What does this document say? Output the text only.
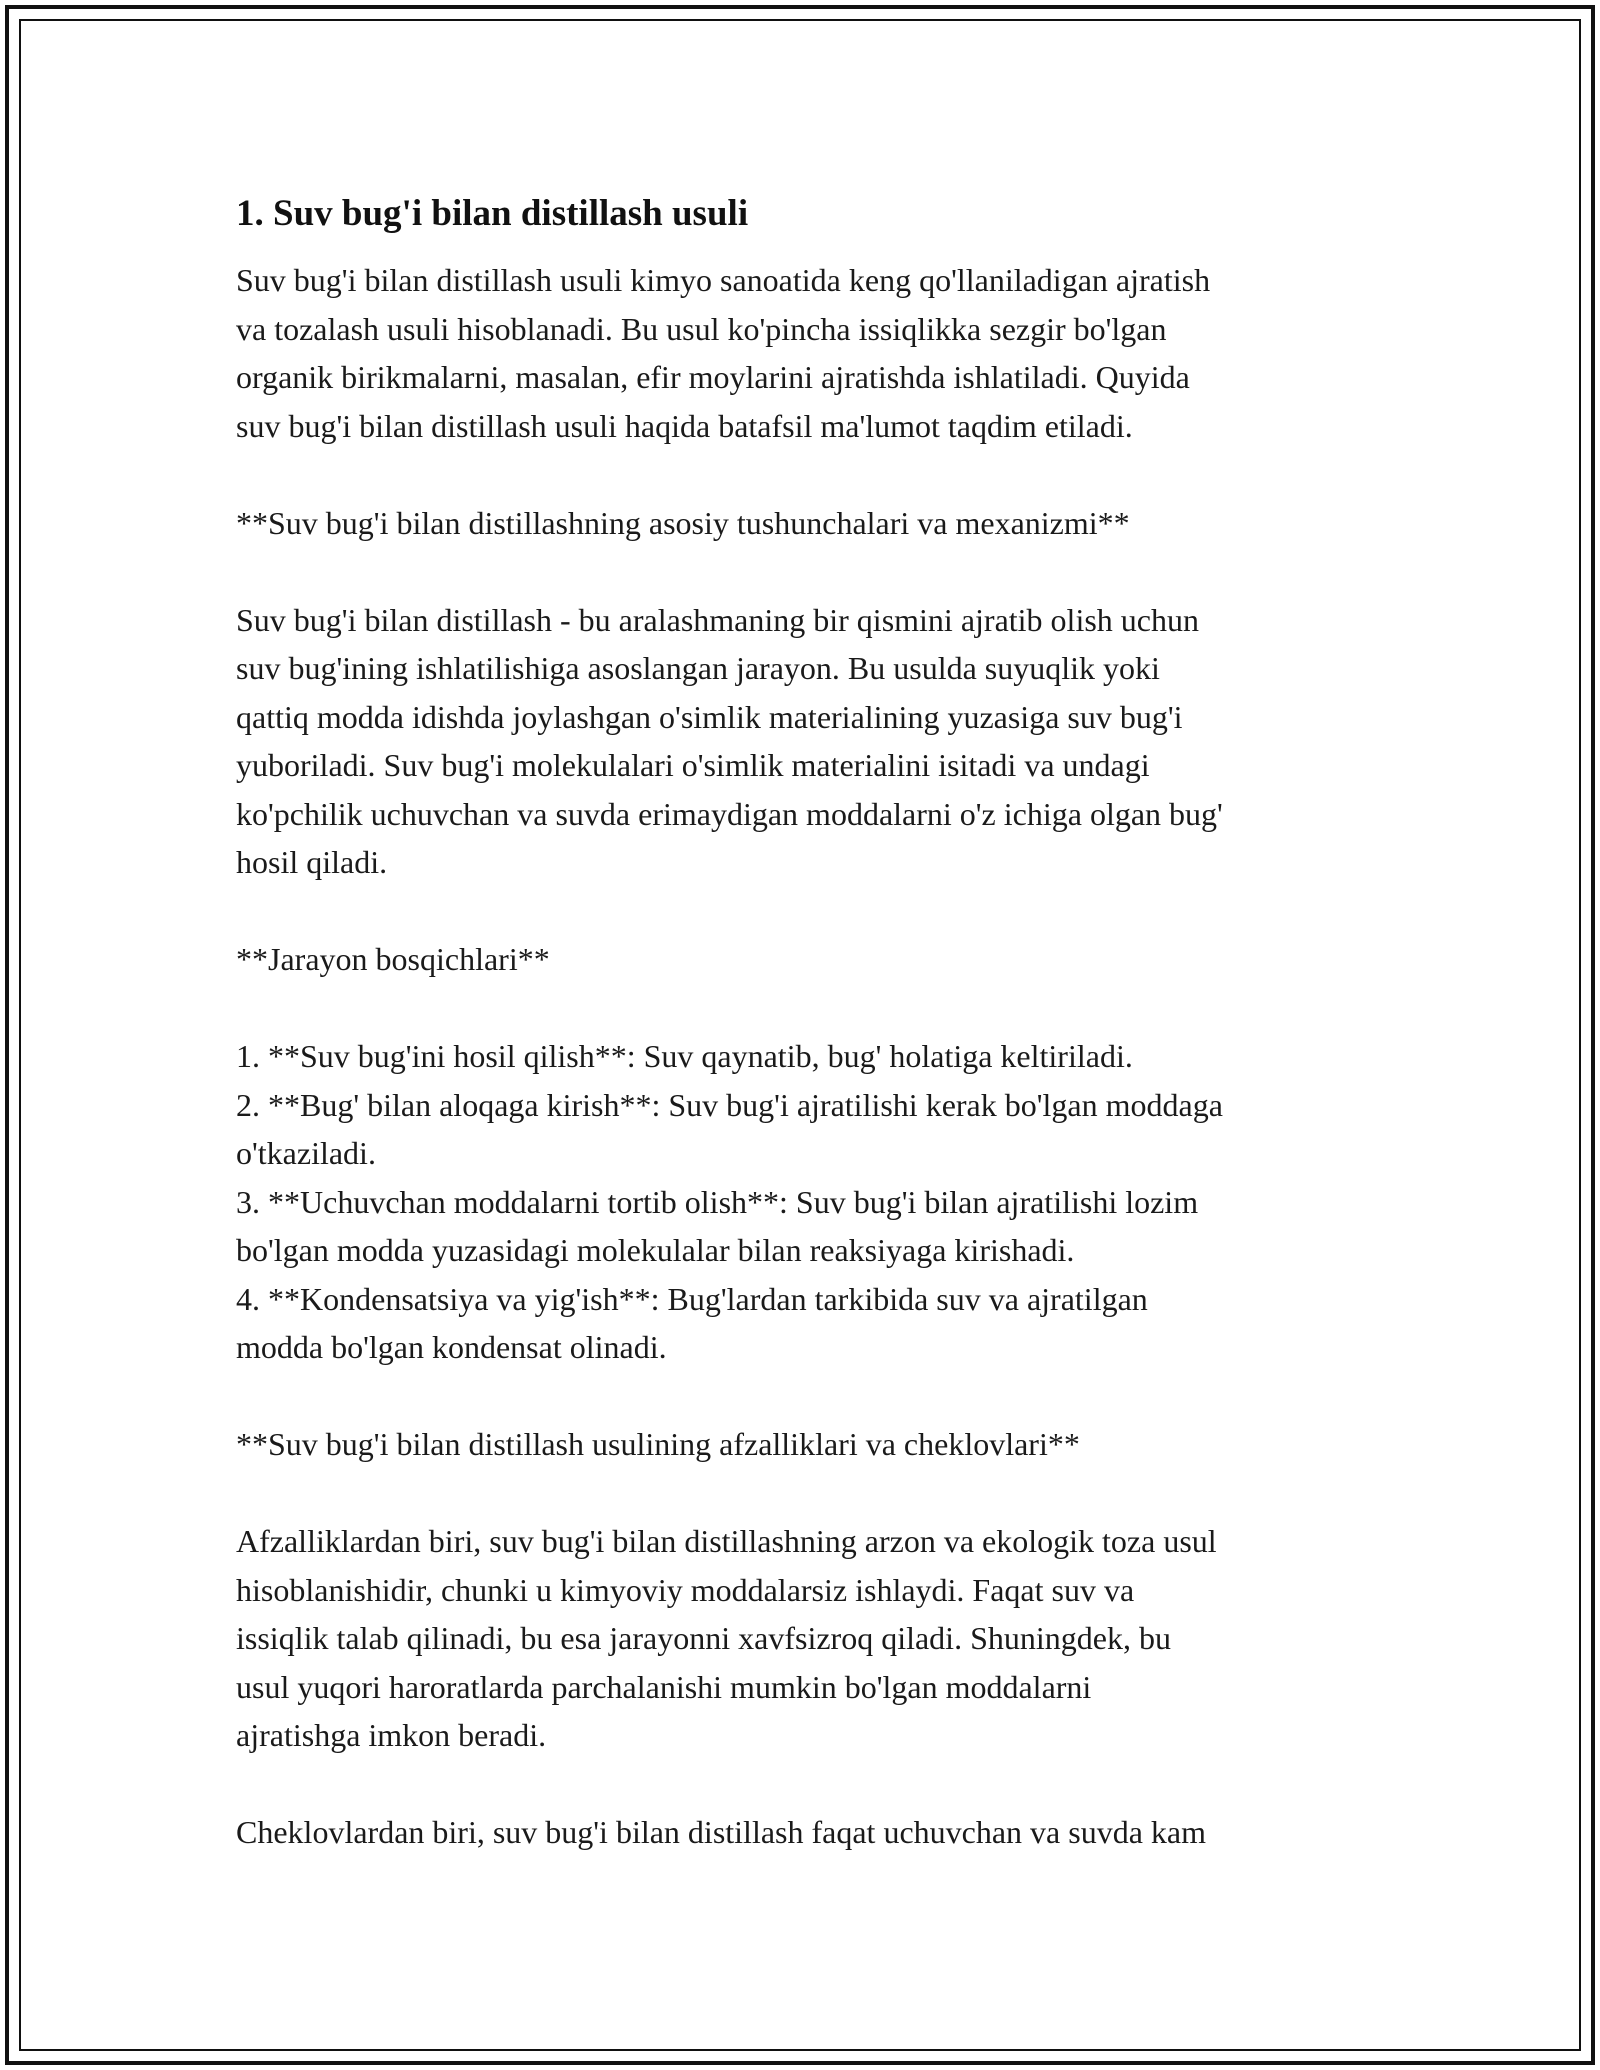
1. Suv bug'i bilan distillash usuli
Suv bug'i bilan distillash usuli kimyo sanoatida keng qo'llaniladigan ajratish
va tozalash usuli hisoblanadi. Bu usul ko'pincha issiqlikka sezgir bo'lgan
organik birikmalarni, masalan, efir moylarini ajratishda ishlatiladi. Quyida
suv bug'i bilan distillash usuli haqida batafsil ma'lumot taqdim etiladi.
**Suv bug'i bilan distillashning asosiy tushunchalari va mexanizmi**
Suv bug'i bilan distillash - bu aralashmaning bir qismini ajratib olish uchun
suv bug'ining ishlatilishiga asoslangan jarayon. Bu usulda suyuqlik yoki
qattiq modda idishda joylashgan o'simlik materialining yuzasiga suv bug'i
yuboriladi. Suv bug'i molekulalari o'simlik materialini isitadi va undagi
ko'pchilik uchuvchan va suvda erimaydigan moddalarni o'z ichiga olgan bug'
hosil qiladi.
**Jarayon bosqichlari**
1. **Suv bug'ini hosil qilish**: Suv qaynatib, bug' holatiga keltiriladi.
2. **Bug' bilan aloqaga kirish**: Suv bug'i ajratilishi kerak bo'lgan moddaga
o'tkaziladi.
3. **Uchuvchan moddalarni tortib olish**: Suv bug'i bilan ajratilishi lozim
bo'lgan modda yuzasidagi molekulalar bilan reaksiyaga kirishadi.
4. **Kondensatsiya va yig'ish**: Bug'lardan tarkibida suv va ajratilgan
modda bo'lgan kondensat olinadi.
**Suv bug'i bilan distillash usulining afzalliklari va cheklovlari**
Afzalliklardan biri, suv bug'i bilan distillashning arzon va ekologik toza usul
hisoblanishidir, chunki u kimyoviy moddalarsiz ishlaydi. Faqat suv va
issiqlik talab qilinadi, bu esa jarayonni xavfsizroq qiladi. Shuningdek, bu
usul yuqori haroratlarda parchalanishi mumkin bo'lgan moddalarni
ajratishga imkon beradi.
Cheklovlardan biri, suv bug'i bilan distillash faqat uchuvchan va suvda kam
